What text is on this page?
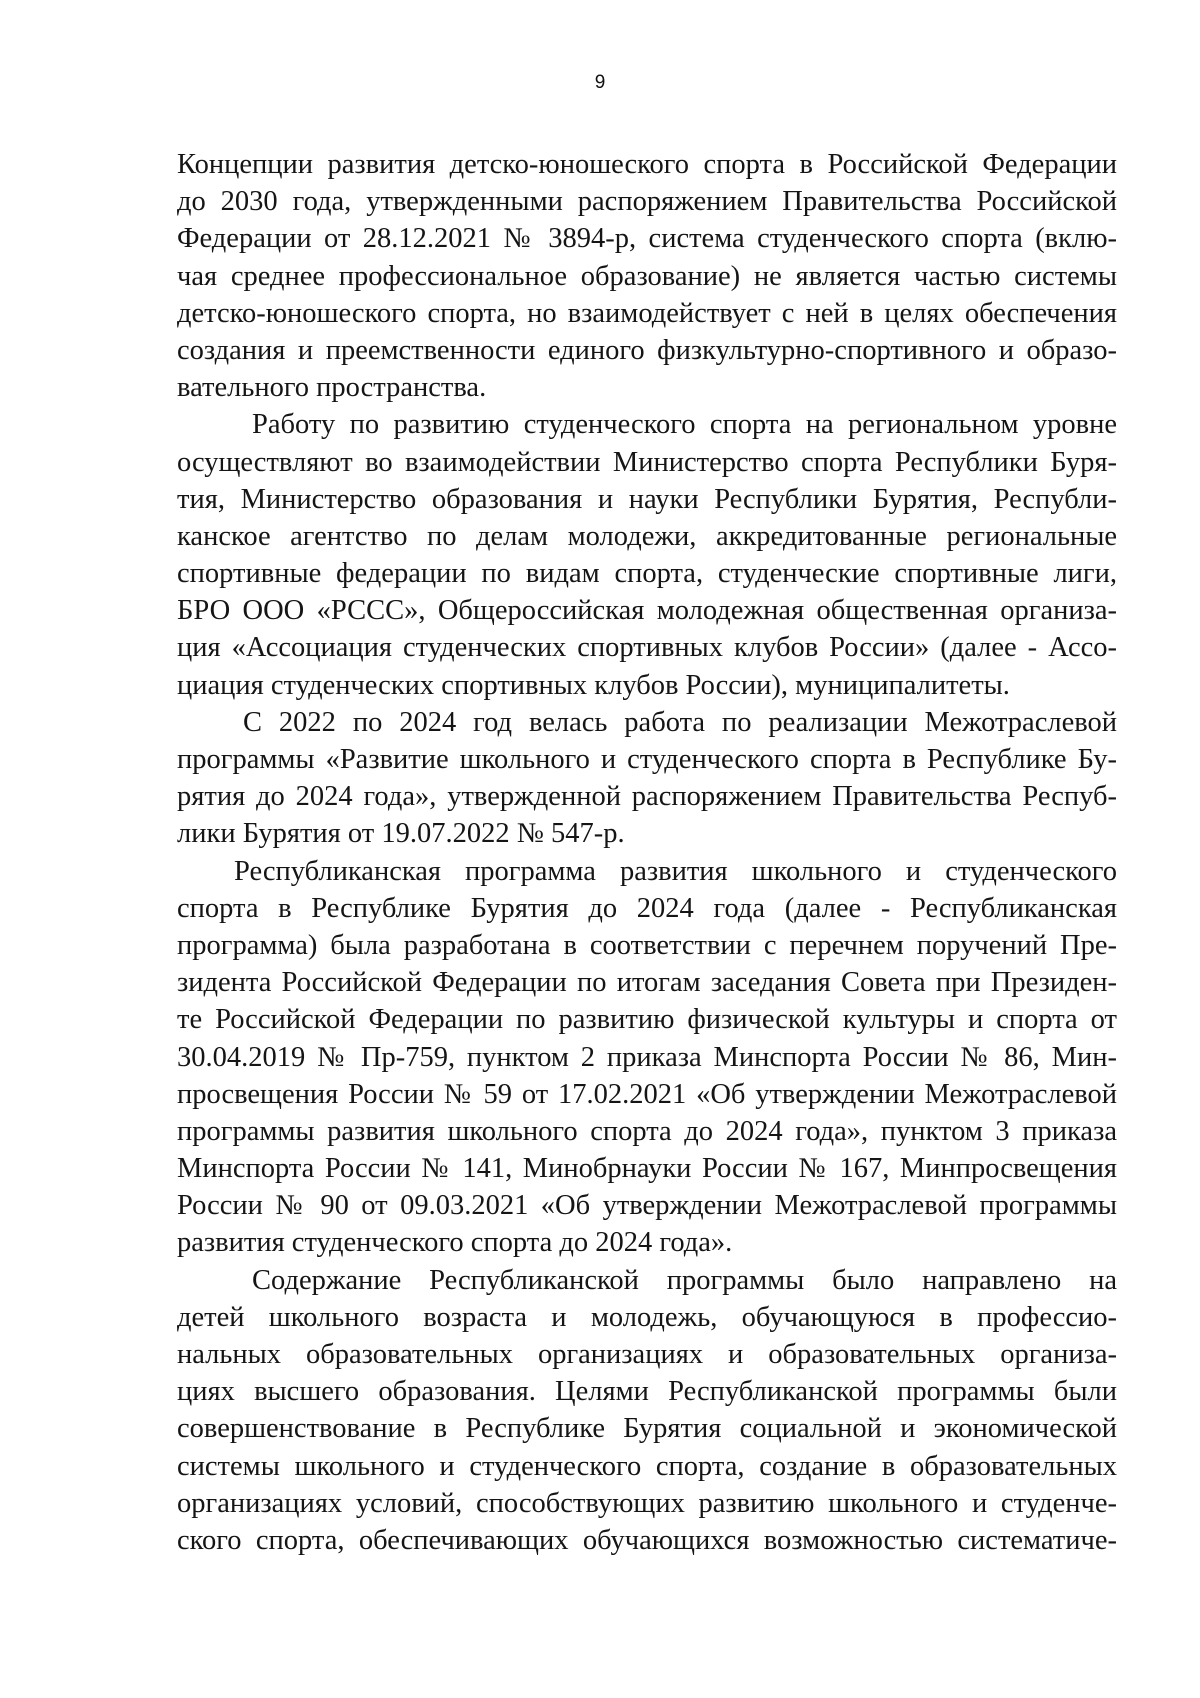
9
Концепции развития детско-юношеского спорта в Российской Федерации
до 2030 года, утвержденными распоряжением Правительства Российской
Федерации от 28.12.2021 № 3894-р, система студенческого спорта (вклю-
чая среднее профессиональное образование) не является частью системы
детско-юношеского спорта, но взаимодействует с ней в целях обеспечения
создания и преемственности единого физкультурно-спортивного и образо-
вательного пространства.
Работу по развитию студенческого спорта на региональном уровне
осуществляют во взаимодействии Министерство спорта Республики Буря-
тия, Министерство образования и науки Республики Бурятия, Республи-
канское агентство по делам молодежи, аккредитованные региональные
спортивные федерации по видам спорта, студенческие спортивные лиги,
БРО ООО «РССС», Общероссийская молодежная общественная организа-
ция «Ассоциация студенческих спортивных клубов России» (далее - Ассо-
циация студенческих спортивных клубов России), муниципалитеты.
С 2022 по 2024 год велась работа по реализации Межотраслевой
программы «Развитие школьного и студенческого спорта в Республике Бу-
рятия до 2024 года», утвержденной распоряжением Правительства Респуб-
лики Бурятия от 19.07.2022 № 547-р.
Республиканская программа развития школьного и студенческого
спорта в Республике Бурятия до 2024 года (далее - Республиканская
программа) была разработана в соответствии с перечнем поручений Пре-
зидента Российской Федерации по итогам заседания Совета при Президен-
те Российской Федерации по развитию физической культуры и спорта от
30.04.2019 № Пр-759, пунктом 2 приказа Минспорта России № 86, Мин-
просвещения России № 59 от 17.02.2021 «Об утверждении Межотраслевой
программы развития школьного спорта до 2024 года», пунктом 3 приказа
Минспорта России № 141, Минобрнауки России № 167, Минпросвещения
России № 90 от 09.03.2021 «Об утверждении Межотраслевой программы
развития студенческого спорта до 2024 года».
Содержание Республиканской программы было направлено на
детей школьного возраста и молодежь, обучающуюся в профессио-
нальных образовательных организациях и образовательных организа-
циях высшего образования. Целями Республиканской программы были
совершенствование в Республике Бурятия социальной и экономической
системы школьного и студенческого спорта, создание в образовательных
организациях условий, способствующих развитию школьного и студенче-
ского спорта, обеспечивающих обучающихся возможностью систематиче-
